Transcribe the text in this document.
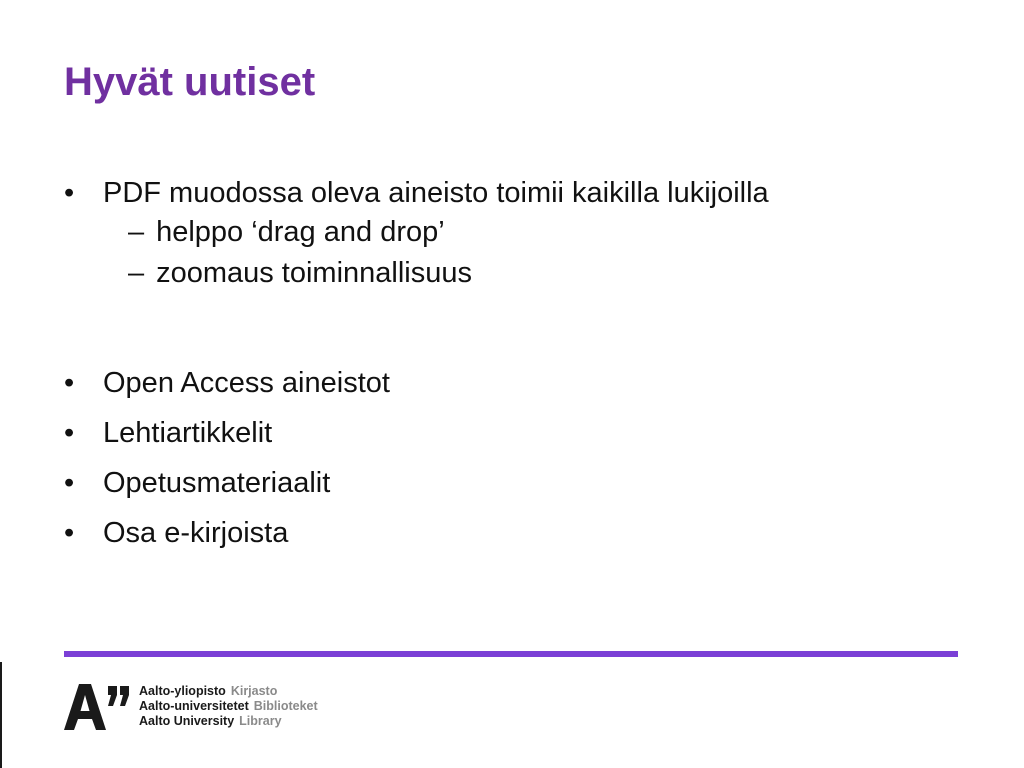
Hyvät uutiset
• PDF muodossa oleva aineisto toimii kaikilla lukijoilla
– helppo ‘drag and drop’
– zoomaus toiminnallisuus
• Open Access aineistot
• Lehtiartikkelit
• Opetusmateriaalit
• Osa e-kirjoista
Aalto-yliopisto Kirjasto
Aalto-universitetet Biblioteket
Aalto University Library
